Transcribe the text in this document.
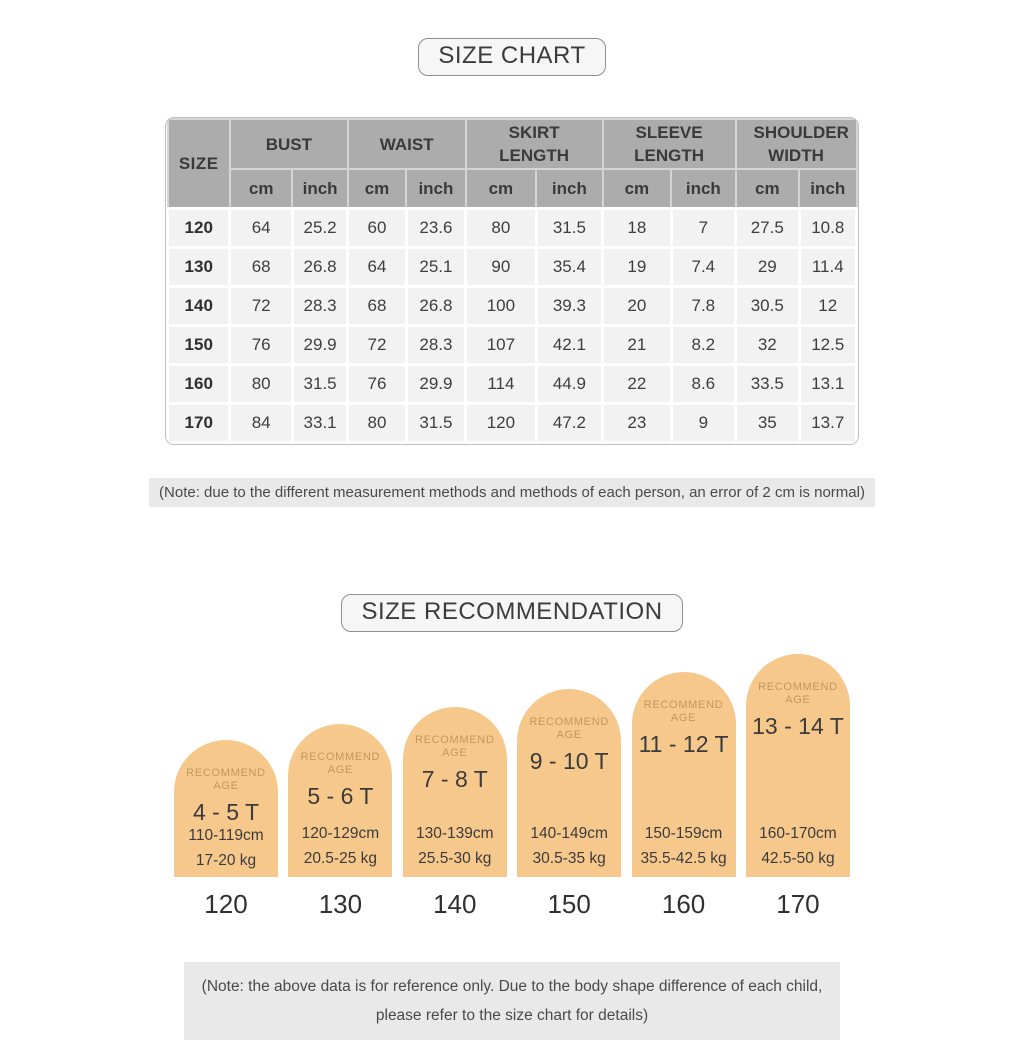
SIZE CHART
SIZE	BUST		WAIST		SKIRT LENGTH		SLEEVE LENGTH		SHOULDER WIDTH	
	cm	inch	cm	inch	cm	inch	cm	inch	cm	inch
120	64	25.2	60	23.6	80	31.5	18	7	27.5	10.8
130	68	26.8	64	25.1	90	35.4	19	7.4	29	11.4
140	72	28.3	68	26.8	100	39.3	20	7.8	30.5	12
150	76	29.9	72	28.3	107	42.1	21	8.2	32	12.5
160	80	31.5	76	29.9	114	44.9	22	8.6	33.5	13.1
170	84	33.1	80	31.5	120	47.2	23	9	35	13.7
(Note: due to the different measurement methods and methods of each person, an error of 2 cm is normal)
SIZE RECOMMENDATION
RECOMMEND AGE
4 - 5 T
110-119cm
17-20 kg
120
RECOMMEND AGE
5 - 6 T
120-129cm
20.5-25 kg
130
RECOMMEND AGE
7 - 8 T
130-139cm
25.5-30 kg
140
RECOMMEND AGE
9 - 10 T
140-149cm
30.5-35 kg
150
RECOMMEND AGE
11 - 12 T
150-159cm
35.5-42.5 kg
160
RECOMMEND AGE
13 - 14 T
160-170cm
42.5-50 kg
170
(Note: the above data is for reference only. Due to the body shape difference of each child,
please refer to the size chart for details)
